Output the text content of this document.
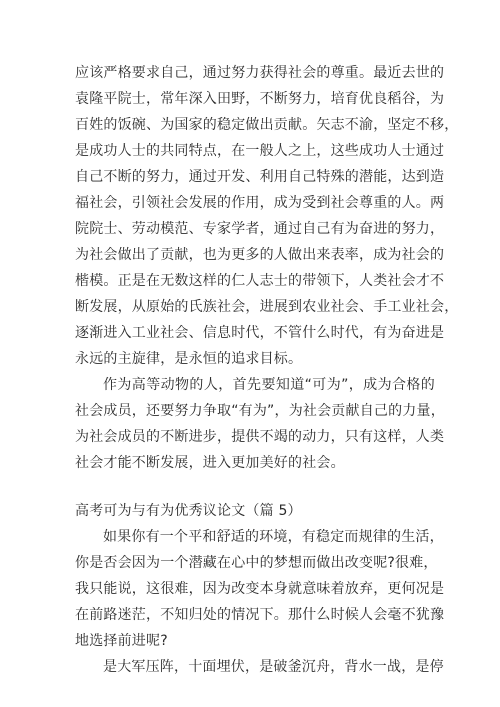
应该严格要求自己，通过努力获得社会的尊重。最近去世的
袁隆平院士，常年深入田野，不断努力，培育优良稻谷，为
百姓的饭碗、为国家的稳定做出贡献。矢志不渝，坚定不移，
是成功人士的共同特点，在一般人之上，这些成功人士通过
自己不断的努力，通过开发、利用自己特殊的潜能，达到造
福社会，引领社会发展的作用，成为受到社会尊重的人。两
院院士、劳动模范、专家学者，通过自己有为奋进的努力，
为社会做出了贡献，也为更多的人做出来表率，成为社会的
楷模。正是在无数这样的仁人志士的带领下，人类社会才不
断发展，从原始的氏族社会，进展到农业社会、手工业社会，
逐渐进入工业社会、信息时代，不管什么时代，有为奋进是
永远的主旋律，是永恒的追求目标。
作为高等动物的人，首先要知道“可为”，成为合格的
社会成员，还要努力争取“有为”，为社会贡献自己的力量，
为社会成员的不断进步，提供不竭的动力，只有这样，人类
社会才能不断发展，进入更加美好的社会。
高考可为与有为优秀议论文（篇 5）
如果你有一个平和舒适的环境，有稳定而规律的生活，
你是否会因为一个潜藏在心中的梦想而做出改变呢?很难，
我只能说，这很难，因为改变本身就意味着放弃，更何况是
在前路迷茫，不知归处的情况下。那什么时候人会毫不犹豫
地选择前进呢?
是大军压阵，十面埋伏，是破釜沉舟，背水一战，是停
